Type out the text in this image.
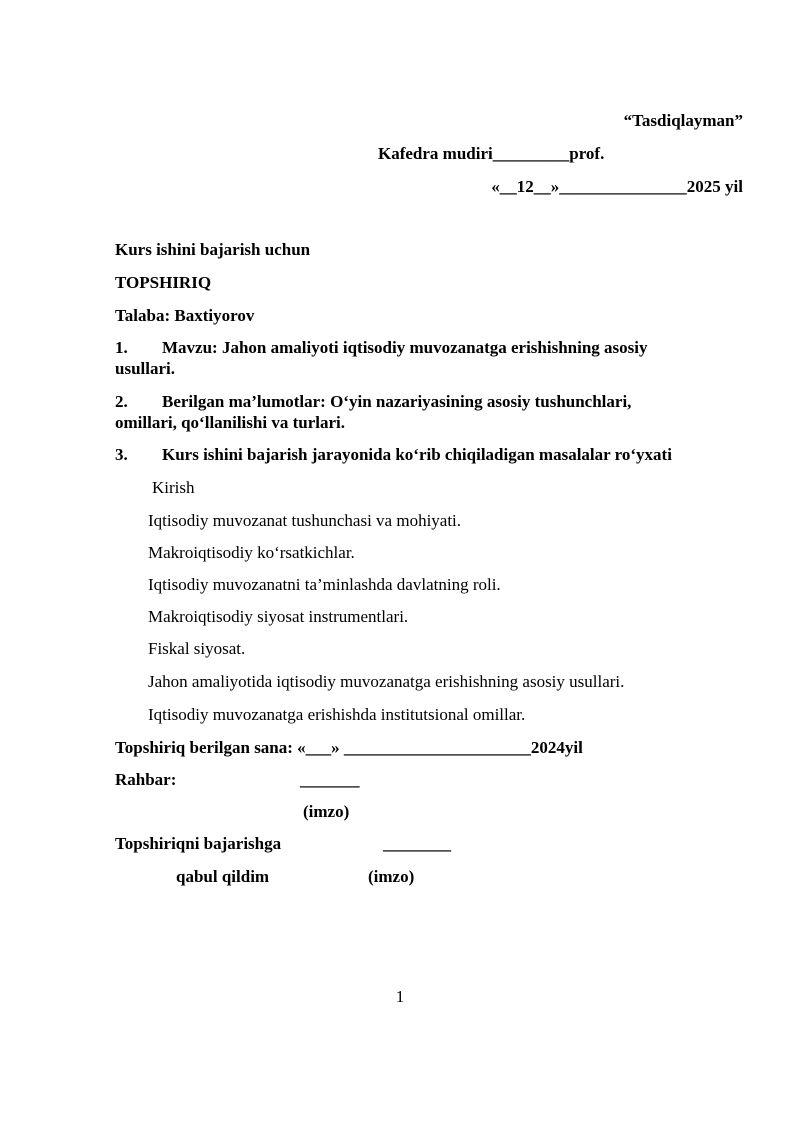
“Tasdiqlayman”
Kafedra mudiri_________prof.
«__12__»_______________2025 yil
Kurs ishini bajarish uchun
TOPSHIRIQ
Talaba: Baxtiyorov
1. Mavzu: Jahon amaliyoti iqtisodiy muvozanatga erishishning asosiy
usullari.
2. Berilgan ma’lumotlar: O‘yin nazariyasining asosiy tushunchlari,
omillari, qo‘llanilishi va turlari.
3. Kurs ishini bajarish jarayonida ko‘rib chiqiladigan masalalar ro‘yxati
Kirish
Iqtisodiy muvozanat tushunchasi va mohiyati.
Makroiqtisodiy ko‘rsatkichlar.
Iqtisodiy muvozanatni ta’minlashda davlatning roli.
Makroiqtisodiy siyosat instrumentlari.
Fiskal siyosat.
Jahon amaliyotida iqtisodiy muvozanatga erishishning asosiy usullari.
Iqtisodiy muvozanatga erishishda institutsional omillar.
Topshiriq berilgan sana: «___» ______________________2024yil
Rahbar:	_______
(imzo)
Topshiriqni bajarishga	________
qabul qildim	(imzo)
1
